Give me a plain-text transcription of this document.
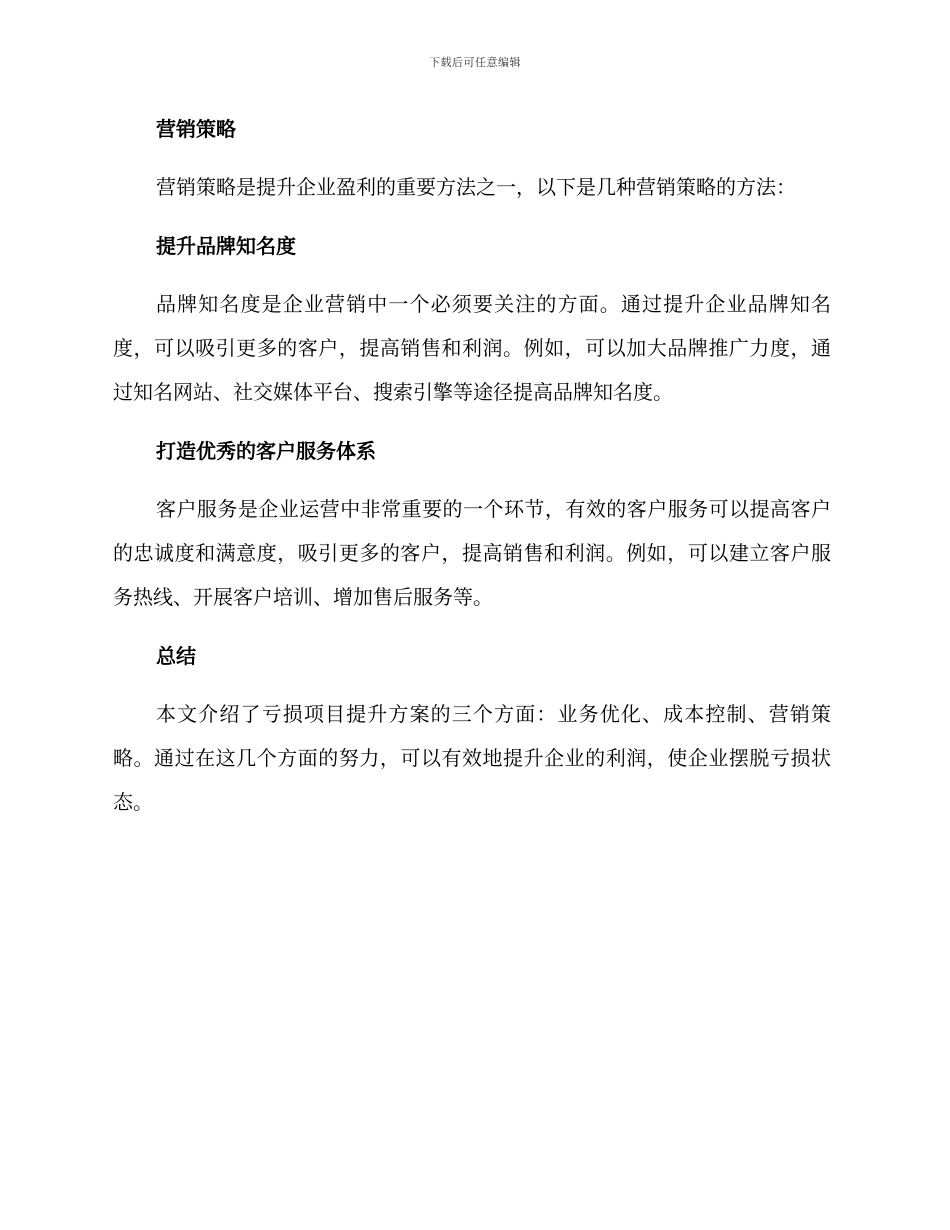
下载后可任意编辑
营销策略
营销策略是提升企业盈利的重要方法之一，以下是几种营销策略的方法：
提升品牌知名度
品牌知名度是企业营销中一个必须要关注的方面。通过提升企业品牌知名度，可以吸引更多的客户，提高销售和利润。例如，可以加大品牌推广力度，通过知名网站、社交媒体平台、搜索引擎等途径提高品牌知名度。
打造优秀的客户服务体系
客户服务是企业运营中非常重要的一个环节，有效的客户服务可以提高客户的忠诚度和满意度，吸引更多的客户，提高销售和利润。例如，可以建立客户服务热线、开展客户培训、增加售后服务等。
总结
本文介绍了亏损项目提升方案的三个方面：业务优化、成本控制、营销策略。通过在这几个方面的努力，可以有效地提升企业的利润，使企业摆脱亏损状态。
